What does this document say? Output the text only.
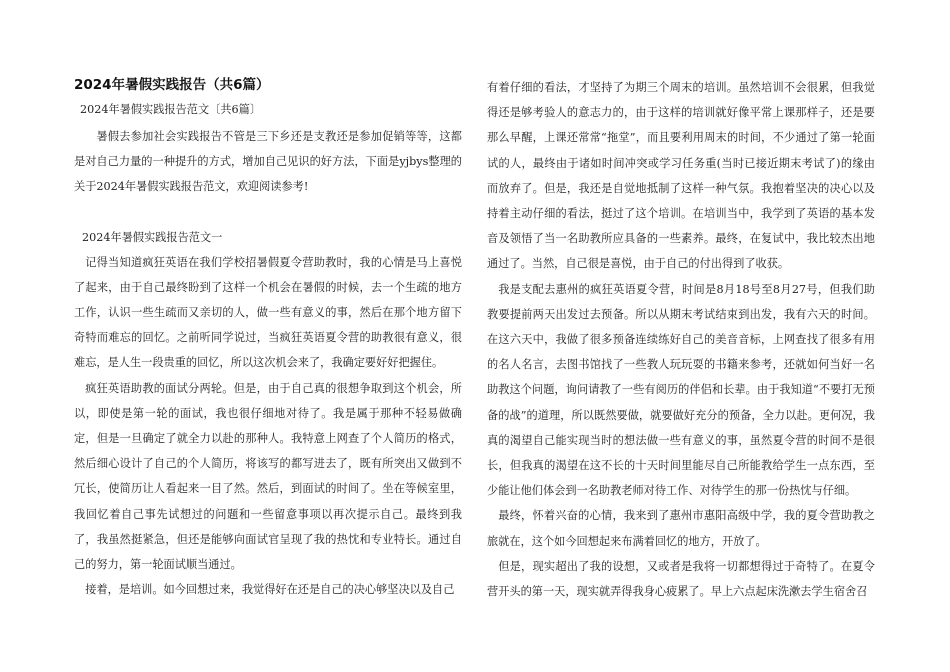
2024年暑假实践报告（共6篇）

2024年暑假实践报告范文〔共6篇〕

暑假去参加社会实践报告不管是三下乡还是支教还是参加促销等等，这都是对自己力量的一种提升的方式，增加自己见识的好方法，下面是yjbys整理的关于2024年暑假实践报告范文，欢迎阅读参考!

2024年暑假实践报告范文一

记得当知道疯狂英语在我们学校招暑假夏令营助教时，我的心情是马上喜悦了起来，由于自己最终盼到了这样一个机会在暑假的时候，去一个生疏的地方工作，认识一些生疏而又亲切的人，做一些有意义的事，然后在那个地方留下奇特而难忘的回忆。之前听同学说过，当疯狂英语夏令营的助教很有意义，很难忘，是人生一段贵重的回忆，所以这次机会来了，我确定要好好把握住。

疯狂英语助教的面试分两轮。但是，由于自己真的很想争取到这个机会，所以，即使是第一轮的面试，我也很仔细地对待了。我是属于那种不轻易做确定，但是一旦确定了就全力以赴的那种人。我特意上网查了个人简历的格式，然后细心设计了自己的个人简历，将该写的都写进去了，既有所突出又做到不冗长，使简历让人看起来一目了然。然后，到面试的时间了。坐在等候室里，我回忆着自己事先试想过的问题和一些留意事项以再次提示自己。最终到我了，我虽然挺紧急，但还是能够向面试官呈现了我的热忱和专业特长。通过自己的努力，第一轮面试顺当通过。

接着，是培训。如今回想过来，我觉得好在还是自己的决心够坚决以及自己

有着仔细的看法，才坚持了为期三个周末的培训。虽然培训不会很累，但我觉得还是够考验人的意志力的，由于这样的培训就好像平常上课那样子，还是要那么早醒，上课还常常“拖堂”，而且要利用周末的时间，不少通过了第一轮面试的人，最终由于诸如时间冲突或学习任务重(当时已接近期末考试了)的缘由而放弃了。但是，我还是自觉地抵制了这样一种气氛。我抱着坚决的决心以及持着主动仔细的看法，挺过了这个培训。在培训当中，我学到了英语的基本发音及领悟了当一名助教所应具备的一些素养。最终，在复试中，我比较杰出地通过了。当然，自己很是喜悦，由于自己的付出得到了收获。

我是支配去惠州的疯狂英语夏令营，时间是8月18号至8月27号，但我们助教要提前两天出发过去预备。所以从期末考试结束到出发，我有六天的时间。在这六天中，我做了很多预备连续练好自己的美音音标，上网查找了很多有用的名人名言，去图书馆找了一些教人玩玩耍的书籍来参考，还就如何当好一名助教这个问题，询问请教了一些有阅历的伴侣和长辈。由于我知道“不要打无预备的战”的道理，所以既然要做，就要做好充分的预备，全力以赴。更何况，我真的渴望自己能实现当时的想法做一些有意义的事，虽然夏令营的时间不是很长，但我真的渴望在这不长的十天时间里能尽自己所能教给学生一点东西，至少能让他们体会到一名助教老师对待工作、对待学生的那一份热忱与仔细。

最终，怀着兴奋的心情，我来到了惠州市惠阳高级中学，我的夏令营助教之旅就在，这个如今回想起来布满着回忆的地方，开放了。

但是，现实超出了我的设想，又或者是我将一切都想得过于奇特了。在夏令营开头的第一天，现实就弄得我身心疲累了。早上六点起床洗漱去学生宿舍召
